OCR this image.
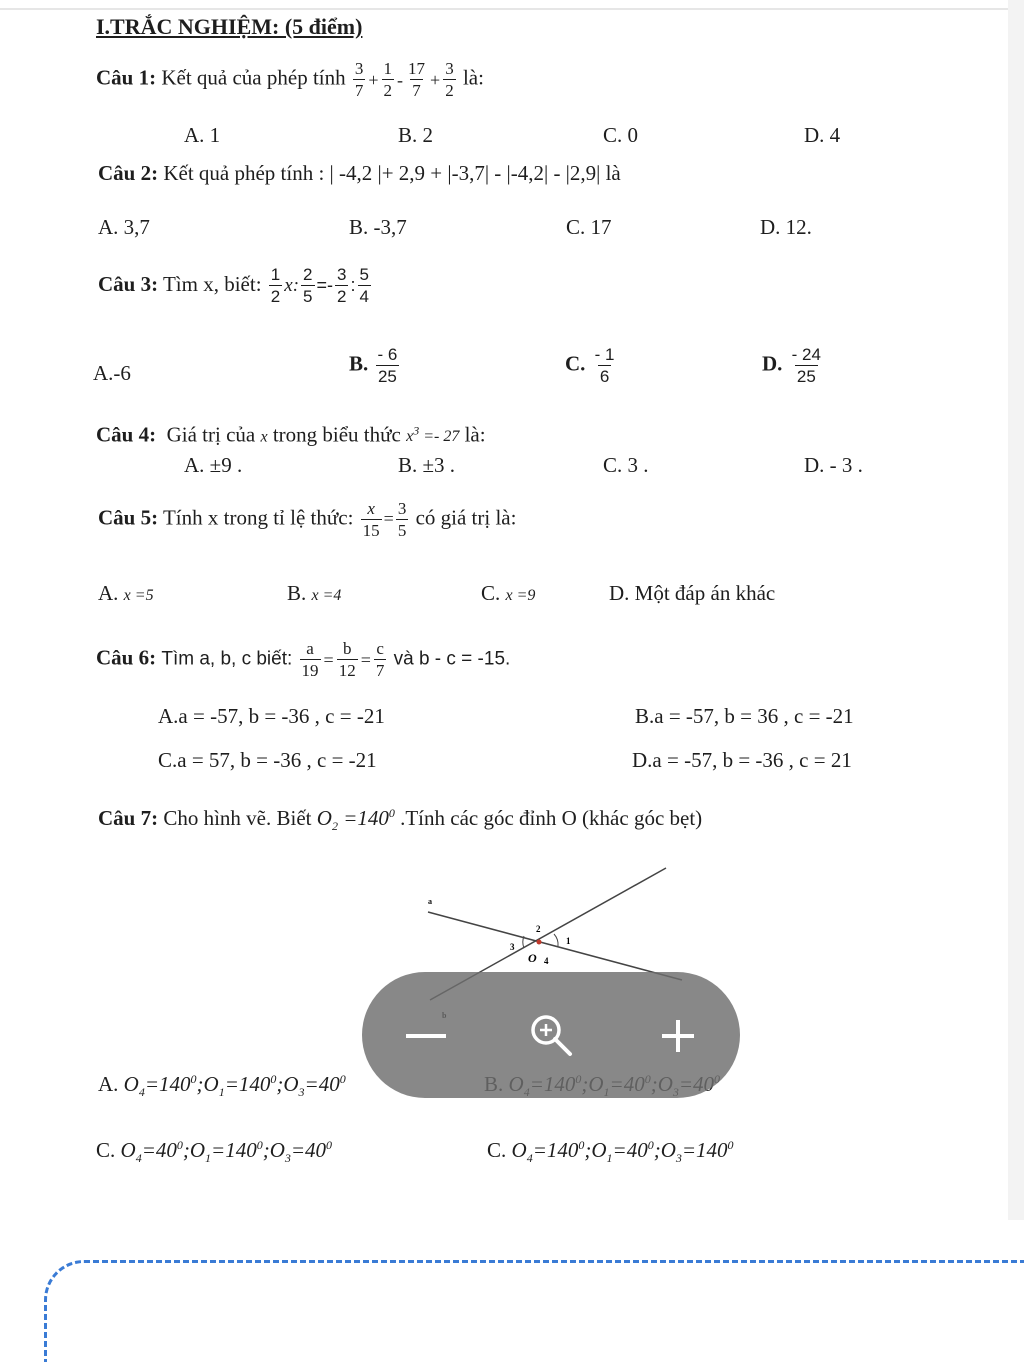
I.TRẮC NGHIỆM: (5 điểm)
Câu 1: Kết quả của phép tính $\frac{3}{7} + \frac{1}{2} - \frac{17}{7} + \frac{3}{2}$ là:
A. 1	B. 2	C. 0	D. 4
Câu 2: Kết quả phép tính : | -4,2 |+ 2,9 + |-3,7| - |-4,2| - |2,9| là
A. 3,7	B. -3,7	C. 17	D. 12.
Câu 3: Tìm x, biết: $\frac{1}{2} x$: $\frac{2}{5} =- \frac{3}{2}$ : $\frac{5}{4}$
A.-6	B. $\frac{- 6}{25}$	C. $\frac{- 1}{6}$	D. $\frac{- 24}{25}$
Câu 4: Giá trị của x trong biểu thức $x^3 =- 27$ là:
A. ±9 .	B. ±3 .	C. 3 .	D. - 3 .
Câu 5: Tính x trong tỉ lệ thức: $\frac{x}{15} = \frac{3}{5}$ có giá trị là:
A. x =5	B. x =4	C. x =9	D. Một đáp án khác
Câu 6: Tìm a, b, c biết: $\frac{a}{19} = \frac{b}{12} = \frac{c}{7}$ và b - c = -15.
A.a = -57, b = -36 , c = -21	B.a = -57, b = 36 , c = -21
C.a = 57, b = -36 , c = -21	D.a = -57, b = -36 , c = 21
Câu 7: Cho hình vẽ. Biết $O_2 =140^0$ .Tính các góc đỉnh O (khác góc bẹt)
a
O
1
2
3
4
A. $O_4=140^0;O_1=140^0;O_3=40^0$
C. $O_4=40^0;O_1=140^0;O_3=40^0$	C. $O_4=140^0;O_1=40^0;O_3=140^0$
